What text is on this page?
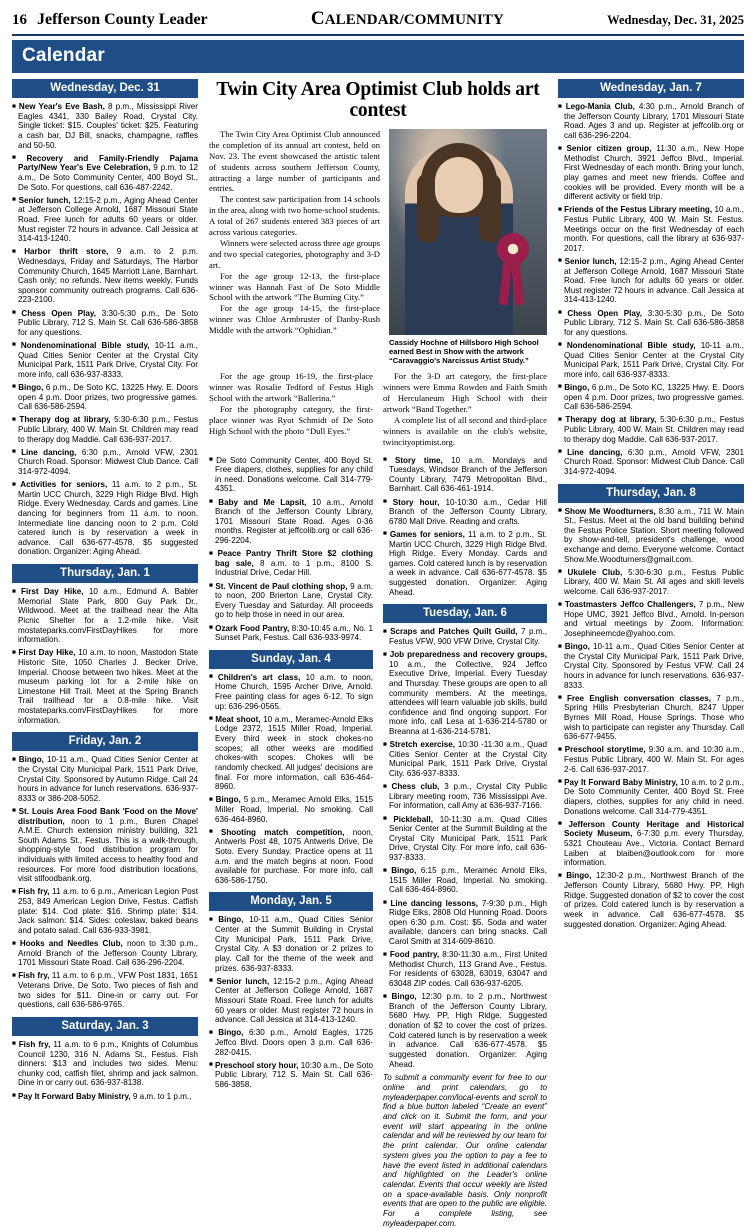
16 Jefferson County Leader	CALENDAR/COMMUNITY	Wednesday, Dec. 31, 2025
Calendar
Wednesday, Dec. 31

■ New Year's Eve Bash, 8 p.m., Mississippi River Eagles 4341, 330 Bailey Road, Crystal City. Single ticket: $15. Couples' ticket: $25. Featuring a cash bar, DJ Bill, snacks, champagne, raffles and 50-50.

■ Recovery and Family-Friendly Pajama Party/New Year's Eve Celebration, 9 p.m. to 12 a.m., De Soto Community Center, 400 Boyd St., De Soto. For questions, call 636-487-2242.

■ Senior lunch, 12:15-2 p.m., Aging Ahead Center at Jefferson College Arnold, 1687 Missouri State Road. Free lunch for adults 60 years or older. Must register 72 hours in advance. Call Jessica at 314-413-1240.

■ Harbor thrift store, 9 a.m. to 2 p.m. Wednesdays, Friday and Saturdays, The Harbor Community Church, 1645 Marriott Lane, Barnhart. Cash only; no refunds. New items weekly. Funds sponsor community outreach programs. Call 636-223-2100.

■ Chess Open Play, 3:30-5:30 p.m., De Soto Public Library, 712 S. Main St. Call 636-586-3858 for any questions.

■ Nondenominational Bible study, 10-11 a.m., Quad Cities Senior Center at the Crystal City Municipal Park, 1511 Park Drive, Crystal City. For more info, call 636-937-8333.

■ Bingo, 6 p.m., De Soto KC, 13225 Hwy. E. Doors open 4 p.m. Door prizes, two progressive games. Call 636-586-2594.

■ Therapy dog at library, 5:30-6:30 p.m., Festus Public Library, 400 W. Main St. Children may read to therapy dog Maddie. Call 636-937-2017.

■ Line dancing, 6:30 p.m., Arnold VFW, 2301 Church Road. Sponsor: Midwest Club Dance. Call 314-972-4094.

■ Activities for seniors, 11 a.m. to 2 p.m., St. Martin UCC Church, 3229 High Ridge Blvd. High Ridge. Every Wednesday. Cards and games. Line dancing for beginners from 11 a.m. to noon. Intermediate line dancing noon to 2 p.m. Cold catered lunch is by reservation a week in advance. Call 636-677-4578. $5 suggested donation. Organizer: Aging Ahead.

Thursday, Jan. 1

■ First Day Hike, 10 a.m., Edmund A. Babler Memorial State Park, 800 Guy Park Dr., Wildwood. Meet at the trailhead near the Alta Picnic Shelter for a 1.2-mile hike. Visit mostateparks.com/FirstDayHikes for more information.

■ First Day Hike, 10 a.m. to noon, Mastodon State Historic Site, 1050 Charles J. Becker Drive, Imperial. Choose between two hikes. Meet at the museum parking lot for a 2-mile hike on Limestone Hill Trail. Meet at the Spring Branch Trail trailhead for a 0.8-mile hike. Visit mostateparks.com/FirstDayHikes for more information.

Friday, Jan. 2

■ Bingo, 10-11 a.m., Quad Cities Senior Center at the Crystal City Municipal Park, 1511 Park Drive, Crystal City. Sponsored by Autumn Ridge. Call 24 hours in advance for lunch reservations. 636-937-8333 or 386-208-5052.

■ St. Louis Area Food Bank 'Food on the Move' distribution, noon to 1 p.m., Buren Chapel A.M.E. Church extension ministry building, 321 South Adams St., Festus. This is a walk-through, shopping-style food distribution program for individuals with limited access to healthy food and resources. For more food distribution locations, visit stlfoodbank.org.

■ Fish fry, 11 a.m. to 6 p.m., American Legion Post 253, 849 American Legion Drive, Festus. Catfish plate: $14. Cod plate: $16. Shrimp plate: $14. Jack salmon: $14. Sides: coleslaw, baked beans and potato salad. Call 636-933-3981.

■ Hooks and Needles Club, noon to 3:30 p.m., Arnold Branch of the Jefferson County Library, 1701 Missouri State Road. Call 636-296-2204.

■ Fish fry, 11 a.m. to 6 p.m., VFW Post 1831, 1651 Veterans Drive, De Soto. Two pieces of fish and two sides for $11. Dine-in or carry out. For questions, call 636-586-9765.

Saturday, Jan. 3

■ Fish fry, 11 a.m. to 6 p.m., Knights of Columbus Council 1230, 316 N. Adams St., Festus. Fish dinners: $13 and includes two sides. Menu: chunky cod, catfish filet, shrimp and jack salmon. Dine in or carry out. 636-937-8138.

■ Pay It Forward Baby Ministry, 9 a.m. to 1 p.m.,

Twin City Area Optimist Club holds art contest

The Twin City Area Optimist Club announced the completion of its annual art contest, held on Nov. 23. The event showcased the artistic talent of students across southern Jefferson County, attracting a large number of participants and entries.

The contest saw participation from 14 schools in the area, along with two home-school students. A total of 267 students entered 383 pieces of art across various categories.

Winners were selected across three age groups and two special categories, photography and 3-D art.

For the age group 12-13, the first-place winner was Hannah Fast of De Soto Middle School with the artwork “The Burning City.”

For the age group 14-15, the first-place winner was Chloe Armbruster of Danby-Rush Middle with the artwork “Ophidian.”

Cassidy Hochne of Hillsboro High School earned Best in Show with the artwork “Caravaggio's Narcissus Artist Study.”

For the age group 16-19, the first-place winner was Rosalie Tedford of Festus High School with the artwork “Ballerina.”

For the photography category, the first-place winner was Ryot Schmidt of De Soto High School with the photo “Dull Eyes.”

For the 3-D art category, the first-place winners were Emma Rowden and Faith Smith of Herculaneum High School with their artwork “Band Together.”

A complete list of all second and third-place winners is available on the club's website, twincityoptimist.org.

■ De Soto Community Center, 400 Boyd St. Free diapers, clothes, supplies for any child in need. Donations welcome. Call 314-779-4351.

■ Baby and Me Lapsit, 10 a.m., Arnold Branch of the Jefferson County Library, 1701 Missouri State Road. Ages 0-36 months. Register at jeffcolib.org or call 636-296-2204.

■ Peace Pantry Thrift Store $2 clothing bag sale, 8 a.m. to 1 p.m., 8100 S. Industrial Drive, Cedar Hill.

■ St. Vincent de Paul clothing shop, 9 a.m. to noon, 200 Brierton Lane, Crystal City. Every Tuesday and Saturday. All proceeds go to help those in need in our area.

■ Ozark Food Pantry, 8:30-10:45 a.m., No. 1 Sunset Park, Festus. Call 636-933-9974.

Sunday, Jan. 4

■ Children's art class, 10 a.m. to noon, Home Church, 1595 Archer Drive, Arnold. Free painting class for ages 6-12. To sign up: 636-296-0565.

■ Meat shoot, 10 a.m., Meramec-Arnold Elks Lodge 2372, 1515 Miller Road, Imperial. Every third week in stock chokes-no scopes; all other weeks are modified chokes-with scopes. Chokes will be randomly checked. All judges' decisions are final. For more information, call 636-464-8960.

■ Bingo, 5 p.m., Meramec Arnold Elks, 1515 Miller Road, Imperial. No smoking. Call 636-464-8960.

■ Shooting match competition, noon, Antwerls Post 48, 1075 Antwerls Drive, De Soto. Every Sunday. Practice opens at 11 a.m. and the match begins at noon. Food available for purchase. For more info, call 636-586-1750.

Monday, Jan. 5

■ Bingo, 10-11 a.m., Quad Cities Senior Center at the Summit Building in Crystal City Municipal Park, 1511 Park Drive, Crystal City. A $3 donation or 2 prizes to play. Call for the theme of the week and prizes. 636-937-8333.

■ Senior lunch, 12:15-2 p.m., Aging Ahead Center at Jefferson College Arnold, 1687 Missouri State Road. Free lunch for adults 60 years or older. Must register 72 hours in advance. Call Jessica at 314-413-1240.

■ Bingo, 6:30 p.m., Arnold Eagles, 1725 Jeffco Blvd. Doors open 3 p.m. Call 636-282-0415.

■ Preschool story hour, 10:30 a.m., De Soto Public Library, 712 S. Main St. Call 636-586-3858.

■ Story time, 10 a.m. Mondays and Tuesdays, Windsor Branch of the Jefferson County Library, 7479 Metropolitan Blvd., Barnhart. Call 636-461-1914.

■ Story hour, 10-10:30 a.m., Cedar Hill Branch of the Jefferson County Library, 6780 Mall Drive. Reading and crafts.

■ Games for seniors, 11 a.m. to 2 p.m., St. Martin UCC Church, 3229 High Ridge Blvd. High Ridge. Every Monday. Cards and games. Cold catered lunch is by reservation a week in advance. Call 636-677-4578. $5 suggested donation. Organizer: Aging Ahead.

Tuesday, Jan. 6

■ Scraps and Patches Quilt Guild, 7 p.m., Festus VFW, 900 VFW Drive, Crystal City.

■ Job preparedness and recovery groups, 10 a.m., the Collective, 924 Jeffco Executive Drive, Imperial. Every Tuesday and Thursday. These groups are open to all community members. At the meetings, attendees will learn valuable job skills, build confidence and find ongoing support. For more info, call Lesa at 1-636-214-5780 or Breanna at 1-636-214-5781.

■ Stretch exercise, 10:30 -11:30 a.m., Quad Cities Senior Center at the Crystal City Municipal Park, 1511 Park Drive, Crystal City. 636-937-8333.

■ Chess club, 3 p.m., Crystal City Public Library meeting room, 736 Mississippi Ave. For information, call Amy at 636-937-7166.

■ Pickleball, 10-11:30 a.m. Quad Cities Senior Center at the Summit Building at the Crystal City Municipal Park, 1511 Park Drive, Crystal City. For more info, call 636-937-8333.

■ Bingo, 6:15 p.m., Meramec Arnold Elks, 1515 Miller Road, Imperial. No smoking. Call 636-464-8960.

■ Line dancing lessons, 7-9:30 p.m., High Ridge Elks, 2808 Old Hunning Road. Doors open 6:30 p.m. Cost: $5. Soda and water available; dancers can bring snacks. Call Carol Smith at 314-609-8610.

■ Food pantry, 8:30-11:30 a.m., First United Methodist Church, 113 Grand Ave., Festus. For residents of 63028, 63019, 63047 and 63048 ZIP codes. Call 636-937-6205.

■ Bingo, 12:30 p.m. to 2 p.m., Northwest Branch of the Jefferson County Library, 5680 Hwy. PP, High Ridge. Suggested donation of $2 to cover the cost of prizes. Cold catered lunch is by reservation a week in advance. Call 636-677-4578. $5 suggested donation. Organizer: Aging Ahead.

To submit a community event for free to our online and print calendars, go to myleaderpaper.com/local-events and scroll to find a blue button labeled “Create an event” and click on it. Submit the form, and your event will start appearing in the online calendar and will be reviewed by our team for the print calendar. Our online calendar system gives you the option to pay a fee to have the event listed in additional calendars and highlighted on the Leader's online calendar. Events that occur weekly are listed on a space-available basis. Only nonprofit events that are open to the public are eligible. For a complete listing, see myleaderpaper.com.
Wednesday, Jan. 7

■ Lego-Mania Club, 4:30 p.m., Arnold Branch of the Jefferson County Library, 1701 Missouri State Road. Ages 3 and up. Register at jeffcolib.org or call 636-296-2204.

■ Senior citizen group, 11:30 a.m., New Hope Methodist Church, 3921 Jeffco Blvd., Imperial. First Wednesday of each month. Bring your lunch, play games and meet new friends. Coffee and cookies will be provided. Every month will be a different activity or field trip.

■ Friends of the Festus Library meeting, 10 a.m., Festus Public Library, 400 W. Main St. Festus. Meetings occur on the first Wednesday of each month. For questions, call the library at 636-937-2017.

■ Senior lunch, 12:15-2 p.m., Aging Ahead Center at Jefferson College Arnold, 1687 Missouri State Road. Free lunch for adults 60 years or older. Must register 72 hours in advance. Call Jessica at 314-413-1240.

■ Chess Open Play, 3:30-5:30 p.m., De Soto Public Library, 712 S. Main St. Call 636-586-3858 for any questions.

■ Nondenominational Bible study, 10-11 a.m., Quad Cities Senior Center at the Crystal City Municipal Park, 1511 Park Drive, Crystal City. For more info, call 636-937-8333.

■ Bingo, 6 p.m., De Soto KC, 13225 Hwy. E. Doors open 4 p.m. Door prizes, two progressive games. Call 636-586-2594.

■ Therapy dog at library, 5:30-6:30 p.m., Festus Public Library, 400 W. Main St. Children may read to therapy dog Maddie. Call 636-937-2017.

■ Line dancing, 6:30 p.m., Arnold VFW, 2301 Church Road. Sponsor: Midwest Club Dance. Call 314-972-4094.

Thursday, Jan. 8

■ Show Me Woodturners, 8:30 a.m., 711 W. Main St., Festus. Meet at the old band building behind the Festus Police Station. Short meeting followed by show-and-tell, president's challenge, wood exchange and demo. Everyone welcome. Contact Show.Me.Woodturners@gmail.com.

■ Ukulele Club, 5:30-6:30 p.m., Festus Public Library, 400 W. Main St. All ages and skill levels welcome. Call 636-937-2017.

■ Toastmasters Jeffco Challengers, 7 p.m., New Hope UMC, 3921 Jeffco Blvd., Arnold. In-person and virtual meetings by Zoom. Information: Josephineemcde@yahoo.com.

■ Bingo, 10-11 a.m., Quad Cities Senior Center at the Crystal City Municipal Park, 1511 Park Drive, Crystal City. Sponsored by Festus VFW. Call 24 hours in advance for lunch reservations. 636-937-8333.

■ Free English conversation classes, 7 p.m., Spring Hills Presbyterian Church, 8247 Upper Byrnes Mill Road, House Springs. Those who wish to participate can register any Thursday. Call 636-677-9455.

■ Preschool storytime, 9:30 a.m. and 10:30 a.m., Festus Public Library, 400 W. Main St. For ages 2-6. Call 636-937-2017.

■ Pay It Forward Baby Ministry, 10 a.m. to 2 p.m., De Soto Community Center, 400 Boyd St. Free diapers, clothes, supplies for any child in need. Donations welcome. Call 314-779-4351.

■ Jefferson County Heritage and Historical Society Museum, 6-7:30 p.m. every Thursday, 5321 Chouteau Ave., Victoria. Contact Bernard Laiben at blaiben@outlook.com for more information.

■ Bingo, 12:30-2 p.m., Northwest Branch of the Jefferson County Library, 5680 Hwy. PP, High Ridge. Suggested donation of $2 to cover the cost of prizes. Cold catered lunch is by reservation a week in advance. Call 636-677-4578. $5 suggested donation. Organizer: Aging Ahead.
